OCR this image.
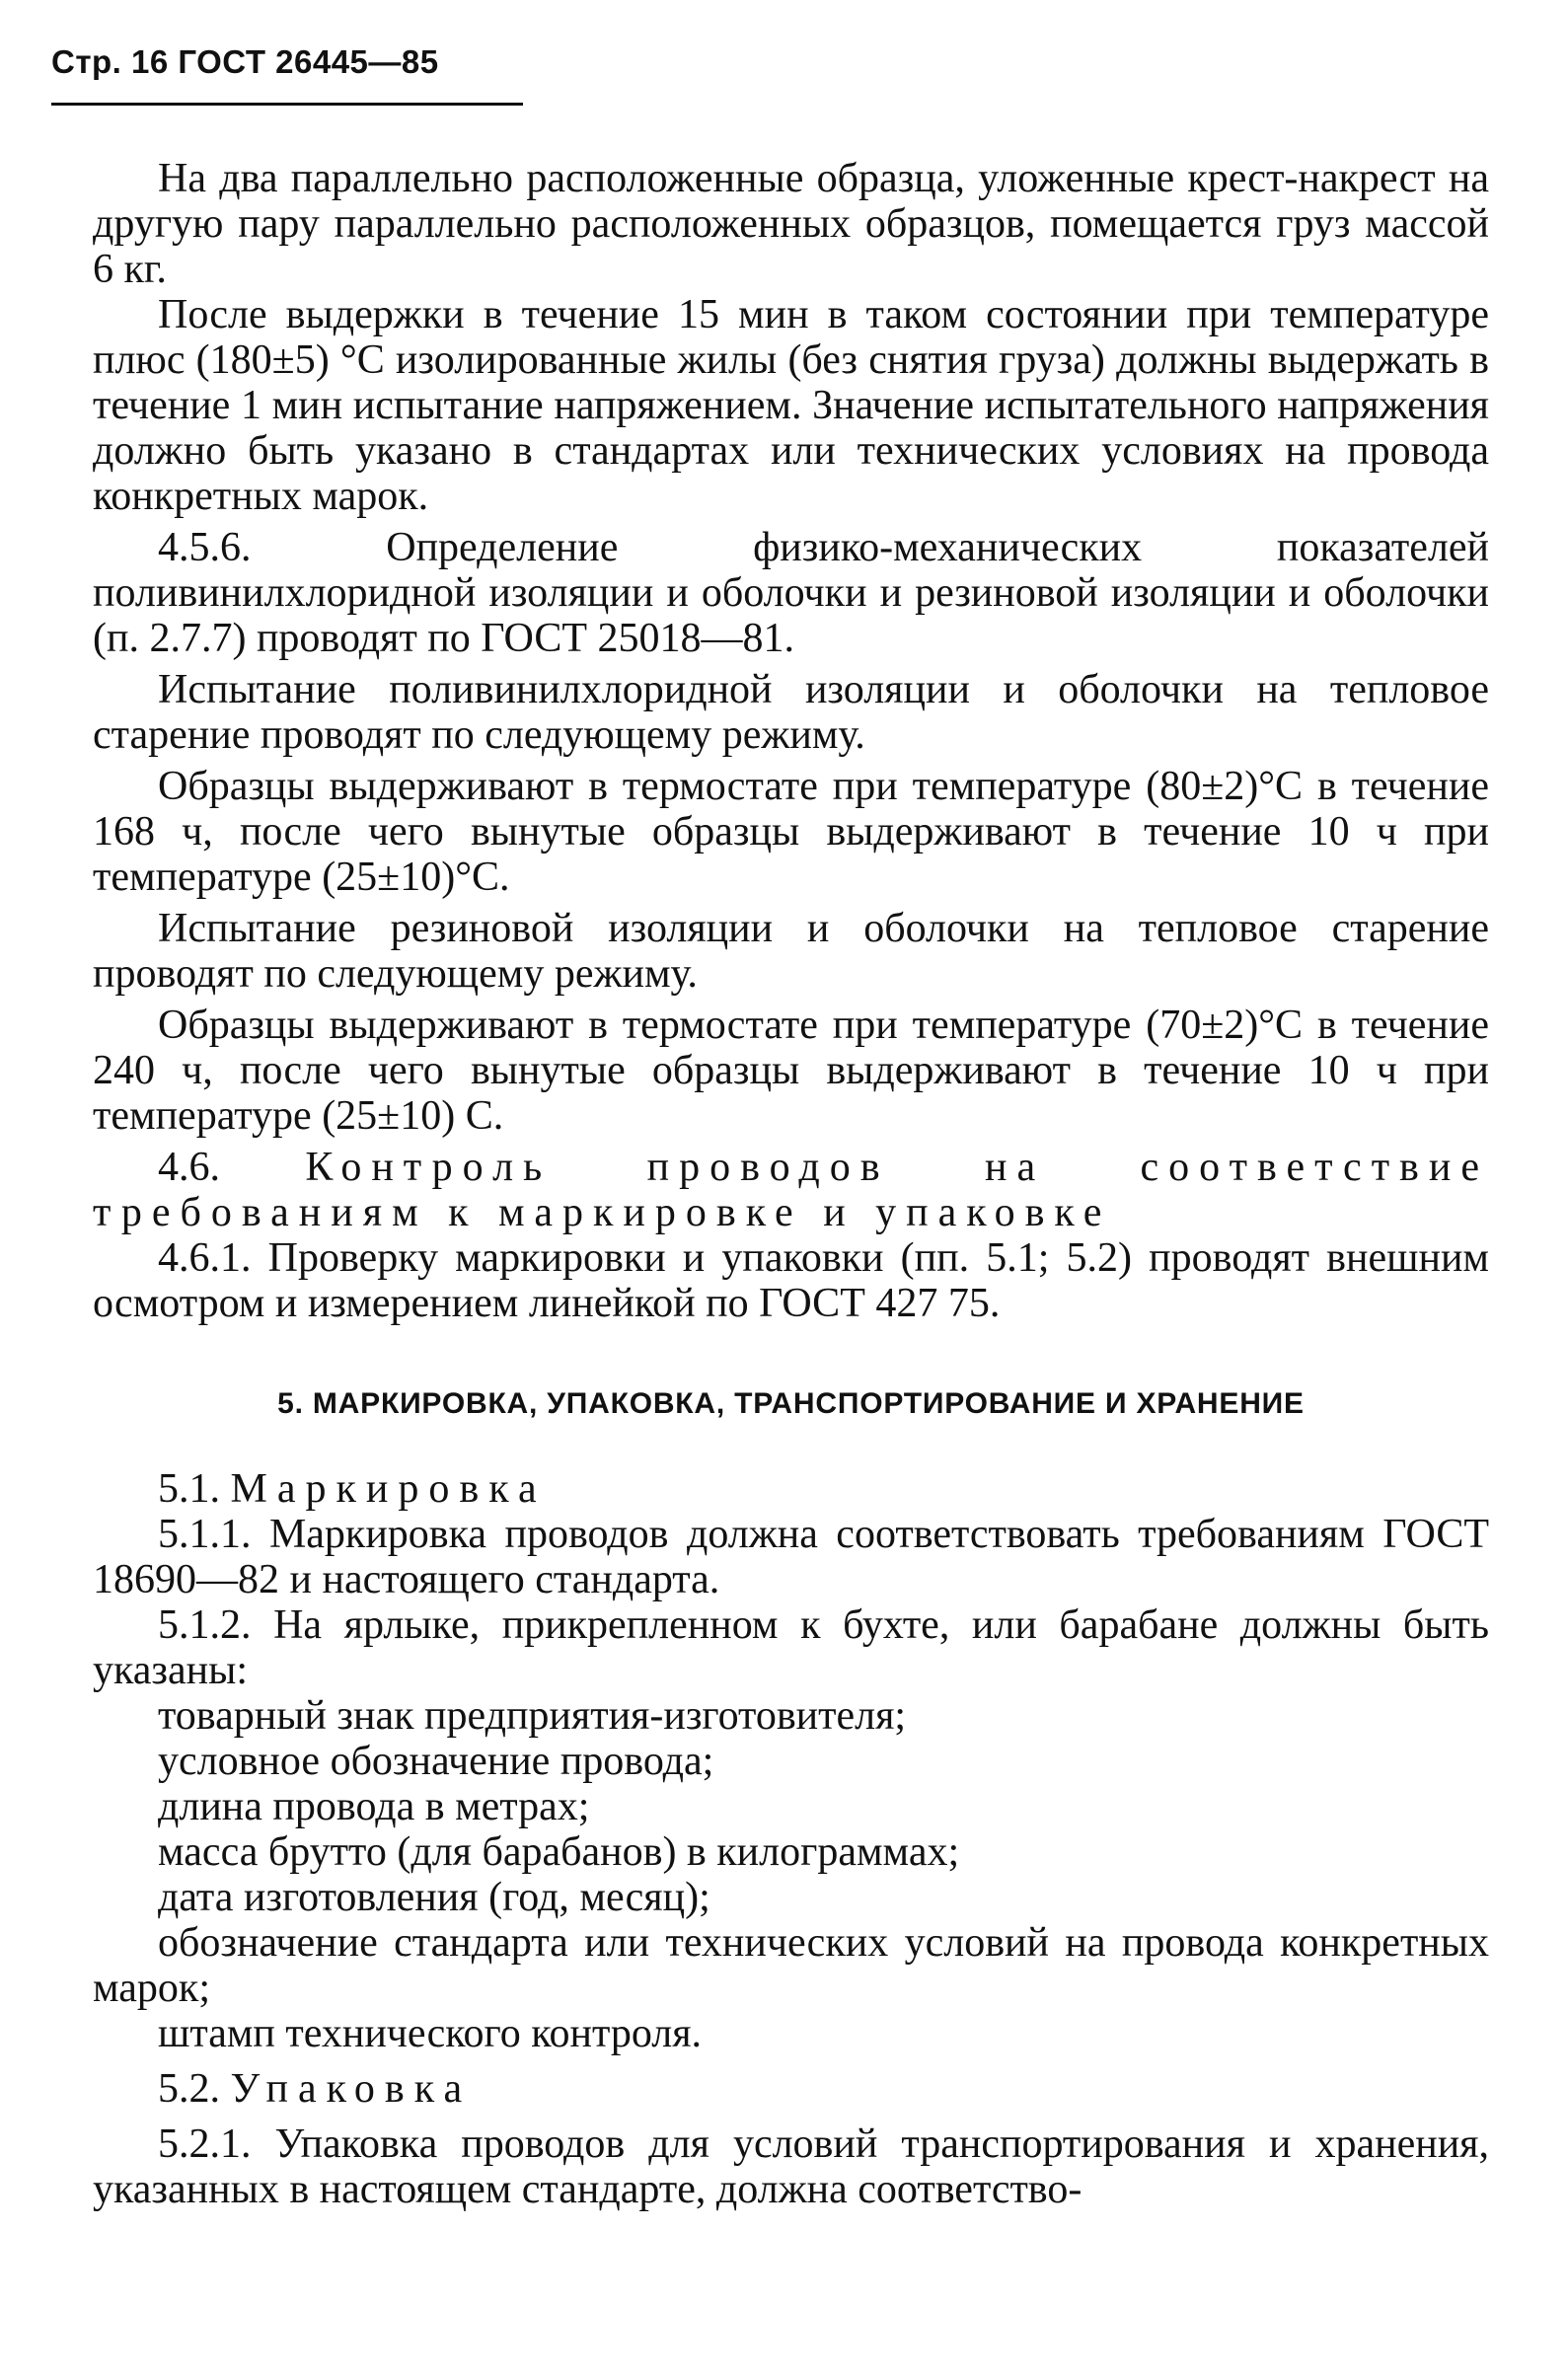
Стр. 16 ГОСТ 26445—85

На два параллельно расположенные образца, уложенные крест-накрест на другую пару параллельно расположенных образцов, помещается груз массой 6 кг.

После выдержки в течение 15 мин в таком состоянии при температуре плюс (180±5) °С изолированные жилы (без снятия груза) должны выдержать в течение 1 мин испытание напряжением. Значение испытательного напряжения должно быть указано в стандартах или технических условиях на провода конкретных марок.

4.5.6. Определение физико-механических показателей поливинилхлоридной изоляции и оболочки и резиновой изоляции и оболочки (п. 2.7.7) проводят по ГОСТ 25018—81.

Испытание поливинилхлоридной изоляции и оболочки на тепловое старение проводят по следующему режиму.

Образцы выдерживают в термостате при температуре (80±2)°С в течение 168 ч, после чего вынутые образцы выдерживают в течение 10 ч при температуре (25±10)°С.

Испытание резиновой изоляции и оболочки на тепловое старение проводят по следующему режиму.

Образцы выдерживают в термостате при температуре (70±2)°С в течение 240 ч, после чего вынутые образцы выдерживают в течение 10 ч при температуре (25±10) С.

4.6. Контроль проводов на соответствие требованиям к маркировке и упаковке

4.6.1. Проверку маркировки и упаковки (пп. 5.1; 5.2) проводят внешним осмотром и измерением линейкой по ГОСТ 427 75.

5. МАРКИРОВКА, УПАКОВКА, ТРАНСПОРТИРОВАНИЕ И ХРАНЕНИЕ

5.1. Маркировка

5.1.1. Маркировка проводов должна соответствовать требованиям ГОСТ 18690—82 и настоящего стандарта.

5.1.2. На ярлыке, прикрепленном к бухте, или барабане должны быть указаны:

товарный знак предприятия-изготовителя;

условное обозначение провода;

длина провода в метрах;

масса брутто (для барабанов) в килограммах;

дата изготовления (год, месяц);

обозначение стандарта или технических условий на провода конкретных марок;

штамп технического контроля.

5.2. Упаковка

5.2.1. Упаковка проводов для условий транспортирования и хранения, указанных в настоящем стандарте, должна соответство-
